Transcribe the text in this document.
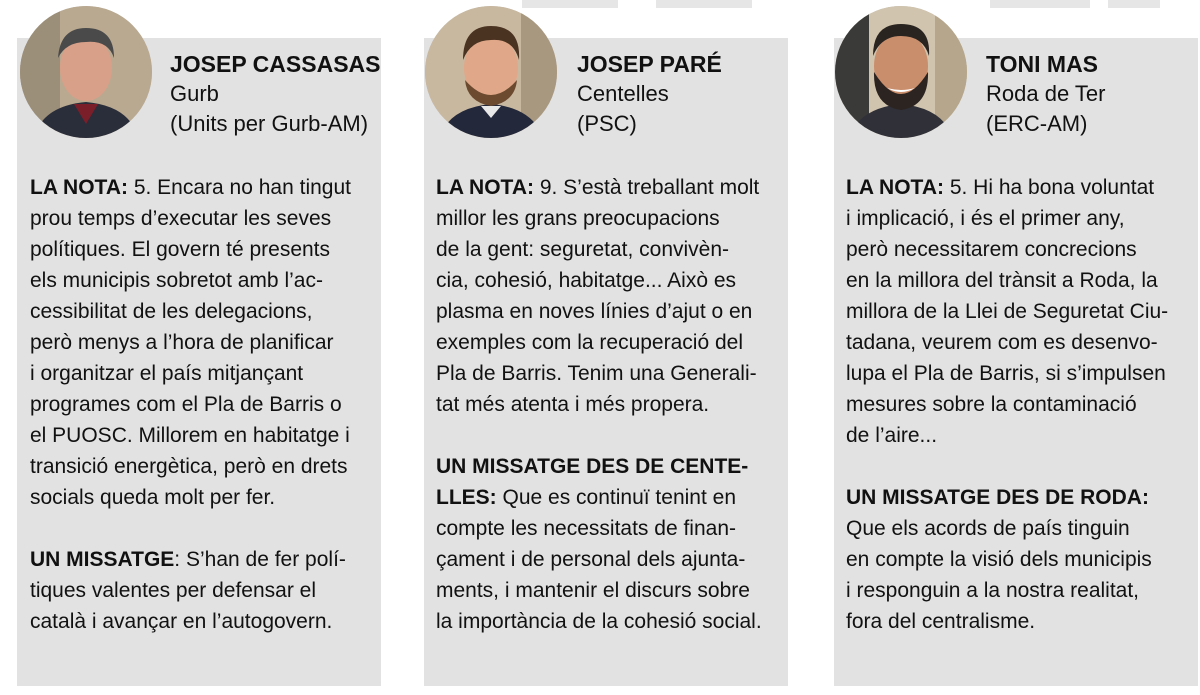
JOSEP CASSASAS
Gurb
(Units per Gurb-AM)
LA NOTA: 5. Encara no han tingut
prou temps d’executar les seves
polítiques. El govern té presents
els municipis sobretot amb l’ac-
cessibilitat de les delegacions,
però menys a l’hora de planificar
i organitzar el país mitjançant
programes com el Pla de Barris o
el PUOSC. Millorem en habitatge i
transició energètica, però en drets
socials queda molt per fer.
UN MISSATGE: S’han de fer polí-
tiques valentes per defensar el
català i avançar en l’autogovern.
JOSEP PARÉ
Centelles
(PSC)
LA NOTA: 9. S’està treballant molt
millor les grans preocupacions
de la gent: seguretat, convivèn-
cia, cohesió, habitatge... Això es
plasma en noves línies d’ajut o en
exemples com la recuperació del
Pla de Barris. Tenim una Generali-
tat més atenta i més propera.
UN MISSATGE DES DE CENTE-
LLES: Que es continuï tenint en
compte les necessitats de finan-
çament i de personal dels ajunta-
ments, i mantenir el discurs sobre
la importància de la cohesió social.
TONI MAS
Roda de Ter
(ERC-AM)
LA NOTA: 5. Hi ha bona voluntat
i implicació, i és el primer any,
però necessitarem concrecions
en la millora del trànsit a Roda, la
millora de la Llei de Seguretat Ciu-
tadana, veurem com es desenvo-
lupa el Pla de Barris, si s’impulsen
mesures sobre la contaminació
de l’aire...
UN MISSATGE DES DE RODA:
Que els acords de país tinguin
en compte la visió dels municipis
i responguin a la nostra realitat,
fora del centralisme.
